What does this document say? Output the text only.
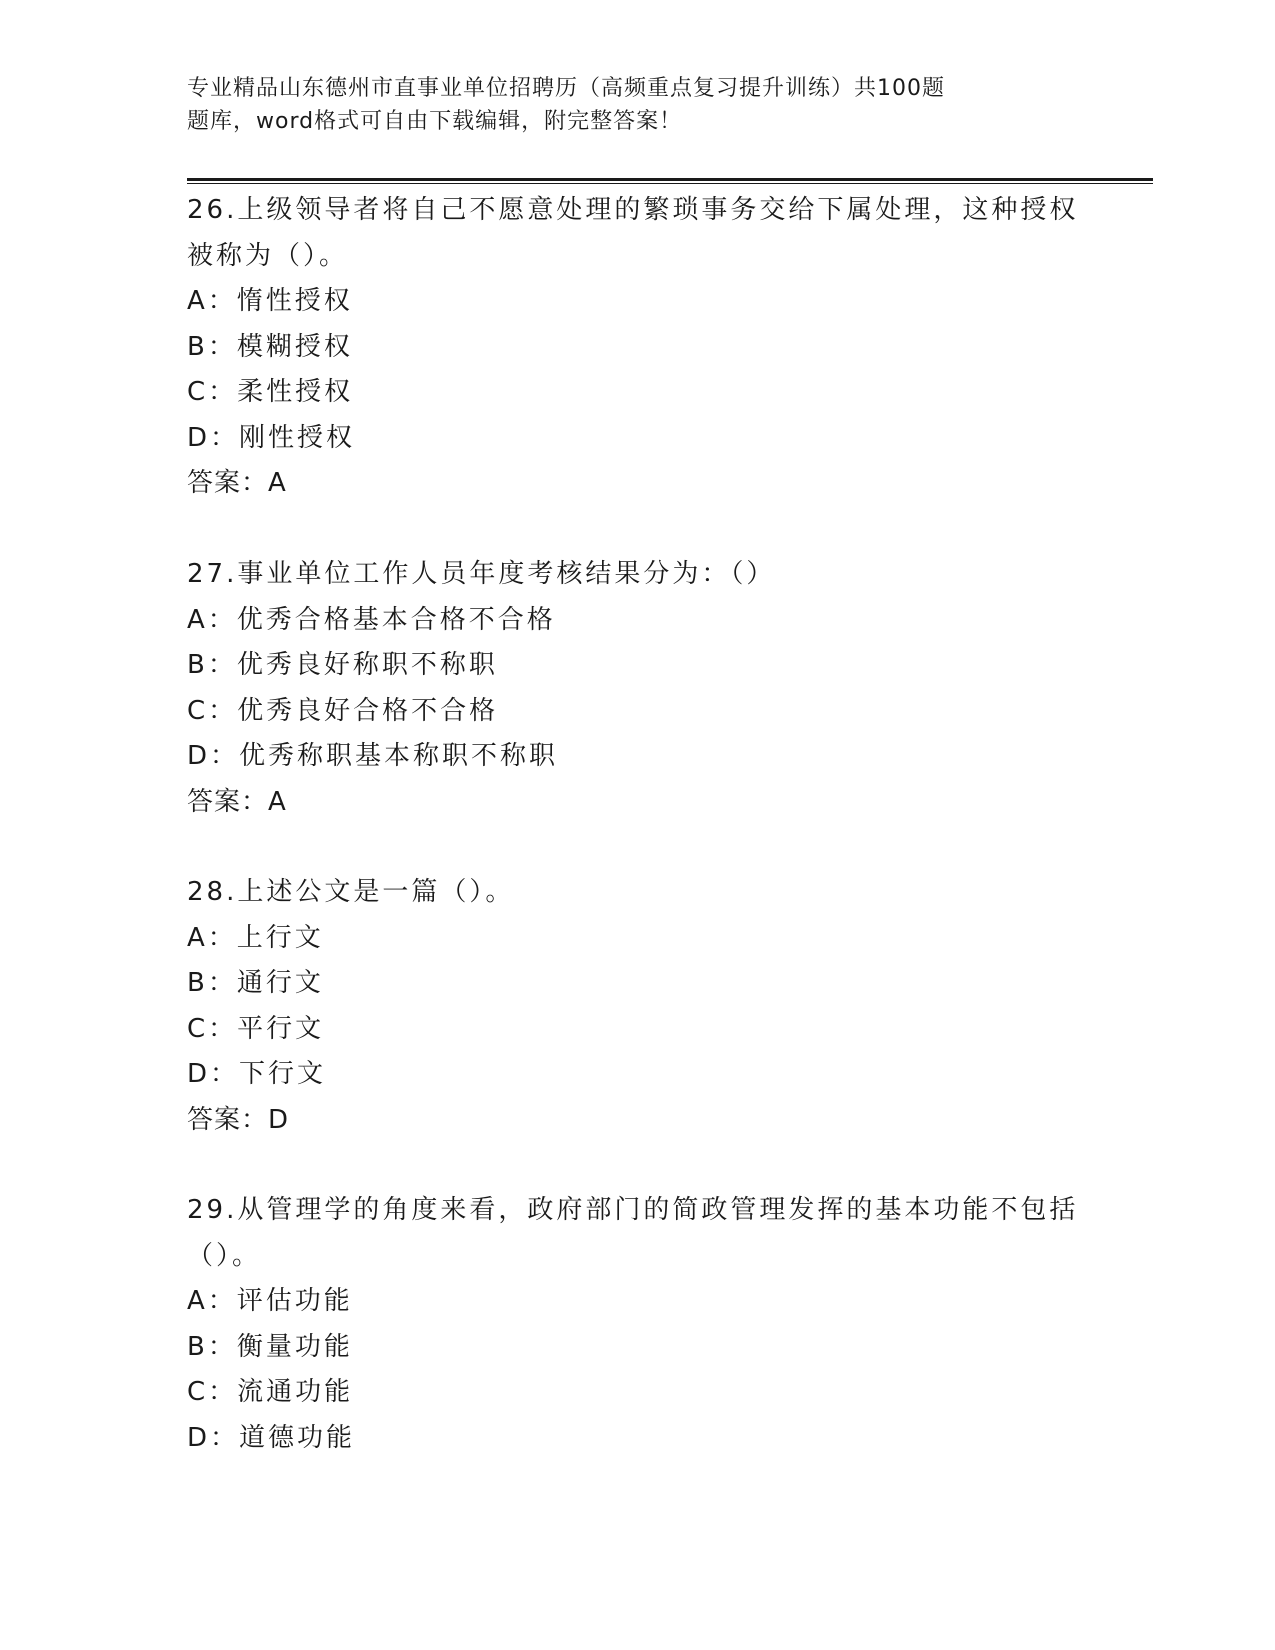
专业精品山东德州市直事业单位招聘历（高频重点复习提升训练）共100题
题库，word格式可自由下载编辑，附完整答案！
26.上级领导者将自己不愿意处理的繁琐事务交给下属处理，这种授权
被称为（）。
A：惰性授权
B：模糊授权
C：柔性授权
D：刚性授权
答案：A
27.事业单位工作人员年度考核结果分为：（）
A：优秀合格基本合格不合格
B：优秀良好称职不称职
C：优秀良好合格不合格
D：优秀称职基本称职不称职
答案：A
28.上述公文是一篇（）。
A：上行文
B：通行文
C：平行文
D：下行文
答案：D
29.从管理学的角度来看，政府部门的简政管理发挥的基本功能不包括
（）。
A：评估功能
B：衡量功能
C：流通功能
D：道德功能
